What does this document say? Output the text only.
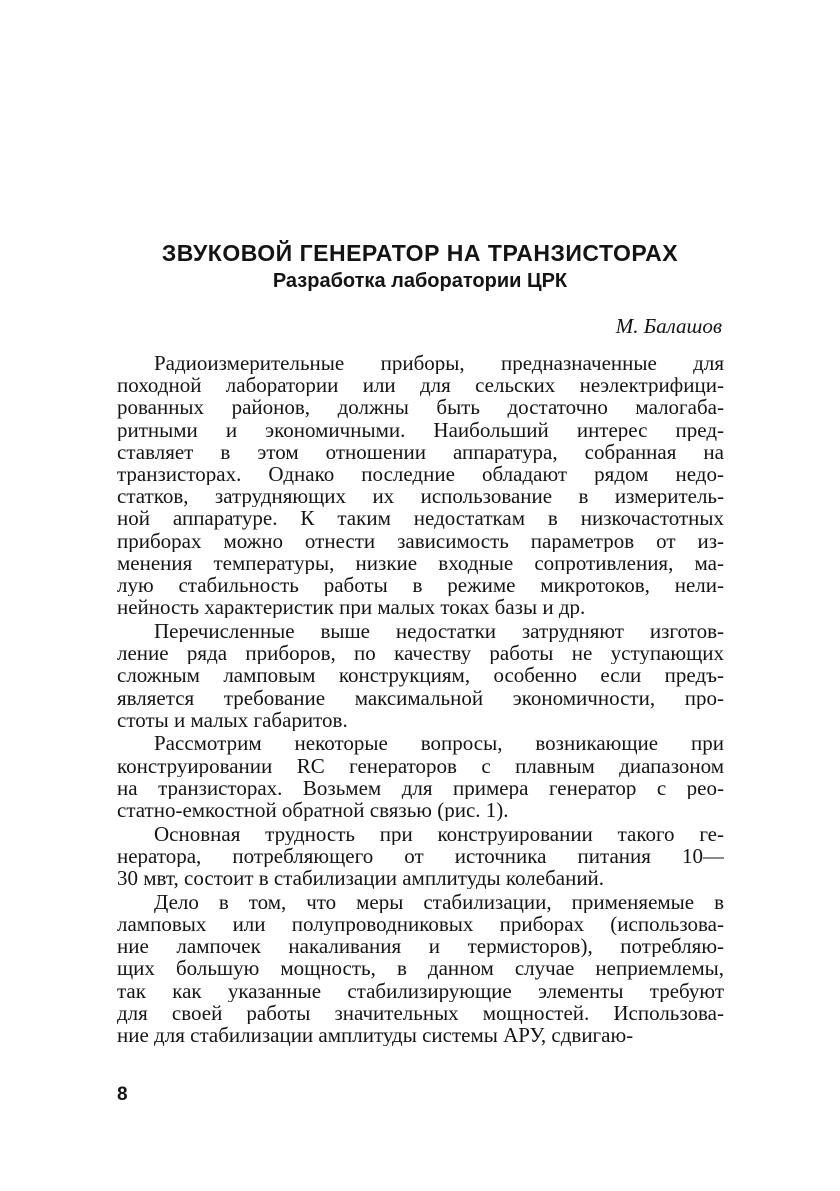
ЗВУКОВОЙ ГЕНЕРАТОР НА ТРАНЗИСТОРАХ
Разработка лаборатории ЦРК

М. Балашов

Радиоизмерительные приборы, предназначенные для
походной лаборатории или для сельских неэлектрифици-
рованных районов, должны быть достаточно малогаба-
ритными и экономичными. Наибольший интерес пред-
ставляет в этом отношении аппаратура, собранная на
транзисторах. Однако последние обладают рядом недо-
статков, затрудняющих их использование в измеритель-
ной аппаратуре. К таким недостаткам в низкочастотных
приборах можно отнести зависимость параметров от из-
менения температуры, низкие входные сопротивления, ма-
лую стабильность работы в режиме микротоков, нели-
нейность характеристик при малых токах базы и др.
Перечисленные выше недостатки затрудняют изготов-
ление ряда приборов, по качеству работы не уступающих
сложным ламповым конструкциям, особенно если предъ-
является требование максимальной экономичности, про-
стоты и малых габаритов.
Рассмотрим некоторые вопросы, возникающие при
конструировании RC генераторов с плавным диапазоном
на транзисторах. Возьмем для примера генератор с рео-
статно-емкостной обратной связью (рис. 1).
Основная трудность при конструировании такого ге-
нератора, потребляющего от источника питания 10—
30 мвт, состоит в стабилизации амплитуды колебаний.
Дело в том, что меры стабилизации, применяемые в
ламповых или полупроводниковых приборах (использова-
ние лампочек накаливания и термисторов), потребляю-
щих большую мощность, в данном случае неприемлемы,
так как указанные стабилизирующие элементы требуют
для своей работы значительных мощностей. Использова-
ние для стабилизации амплитуды системы АРУ, сдвигаю-
8
